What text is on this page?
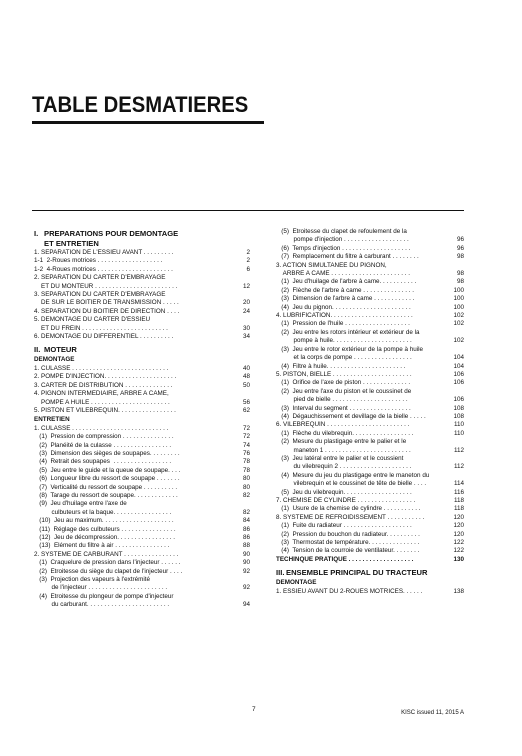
TABLE DESMATIERES
I. PREPARATIONS POUR DEMONTAGE
ET ENTRETIEN
1. SEPARATION DE L'ESSIEU AVANT . . . . . . . . .	2
1-1  2-Roues motrices . . . . . . . . . . . . . . . . . . .	2
1-2  4-Roues motrices . . . . . . . . . . . . . . . . . . . . . .	6
2. SEPARATION DU CARTER D'EMBRAYAGE
ET DU MONTEUR . . . . . . . . . . . . . . . . . . . . . . . .	12
3. SEPARATION DU CARTER D'EMBRAYAGE
DE SUR LE BOITIER DE TRANSMISSION . . . . .	20
4. SEPARATION DU BOITIER DE DIRECTION . . . .	24
5. DEMONTAGE DU CARTER D'ESSIEU
ET DU FREIN . . . . . . . . . . . . . . . . . . . . . . . . .	30
6. DEMONTAGE DU DIFFERENTIEL . . . . . . . . . .	34
II. MOTEUR
DEMONTAGE
1. CULASSE . . . . . . . . . . . . . . . . . . . . . . . . . . . .	40
2. POMPE D'INJECTION. . . . . . . . . . . . . . . . . . . . .	48
3. CARTER DE DISTRIBUTION . . . . . . . . . . . . . .	50
4. PIGNON INTERMEDIAIRE, ARBRE A CAME,
POMPE A HUILE . . . . . . . . . . . . . . . . . . . . . . .	56
5. PISTON ET VILEBREQUIN. . . . . . . . . . . . . . . . .	62
ENTRETIEN
1. CULASSE . . . . . . . . . . . . . . . . . . . . . . . . . . . .	72
(1)  Pression de compression . . . . . . . . . . . . . . .	72
(2)  Planéité de la culasse . . . . . . . . . . . . . . . . .	74
(3)  Dimension des sièges de soupapes. . . . . . . . .	76
(4)  Retrait des soupapes  . . . . . . . . . . . . . . . . .	78
(5)  Jeu entre le guide et la queue de soupape. . . .	78
(6)  Longueur libre du ressort de soupape . . . . . . .	80
(7)  Verticalité du ressort de soupape . . . . . . . . . .	80
(8)  Tarage du ressort de soupape. . . . . . . . . . . . .	82
(9)  Jeu d'huilage entre l'axe de
culbuteurs et la baque. . . . . . . . . . . . . . . . .	82
(10)  Jeu au maximum. . . . . . . . . . . . . . . . . . . . .	84
(11)  Réglage des culbuteurs . . . . . . . . . . . . . . . .	86
(12)  Jeu de décompression. . . . . . . . . . . . . . . . .	86
(13)  Elément du filtre à air . . . . . . . . . . . . . . . .	88
2. SYSTEME DE CARBURANT . . . . . . . . . . . . . . . .	90
(1)  Craquelure de pression dans l'injecteur . . . . . .	90
(2)  Etroitesse du siège du clapet de l'injecteur . . . .	92
(3)  Projection des vapeurs à l'extrémité
de l'injecteur . . . . . . . . . . . . . . . . . . . . . . .	92
(4)  Etroitesse du plongeur de pompe d'injecteur
du carburant. . . . . . . . . . . . . . . . . . . . . . . .	94
(5)  Etroitesse du clapet de refoulement de la
pompe d'injection . . . . . . . . . . . . . . . . . . .	96
(6)  Temps d'injection . . . . . . . . . . . . . . . . . . . .	96
(7)  Remplacement du filtre à carburant . . . . . . . .	98
3. ACTION SIMULTANEE DU PIGNON,
ARBRE A CAME . . . . . . . . . . . . . . . . . . . . . . .	98
(1)  Jeu d'huilage de l'arbre à came. . . . . . . . . . .	98
(2)  Flèche de l'arbre à came . . . . . . . . . . . . . . .	100
(3)  Dimension de l'arbre à came . . . . . . . . . . . .	100
(4)  Jeu du pignon. . . . . . . . . . . . . . . . . . . . . . .	100
4. LUBRIFICATION. . . . . . . . . . . . . . . . . . . . . . . .	102
(1)  Pression de l'huile . . . . . . . . . . . . . . . . . . .	102
(2)  Jeu entre les rotors intérieur et extérieur de la
pompe à huile. . . . . . . . . . . . . . . . . . . . . . .	102
(3)  Jeu entre le rotor extérieur de la pompe à huile
et la corps de pompe . . . . . . . . . . . . . . . . .	104
(4)  Filtre à huile. . . . . . . . . . . . . . . . . . . . . . .	104
5. PISTON, BIELLE . . . . . . . . . . . . . . . . . . . . . . .	106
(1)  Orifice de l'axe de piston . . . . . . . . . . . . . .	106
(2)  Jeu entre l'axe du piston et le coussinet de
pied de bielle . . . . . . . . . . . . . . . . . . . . . .	106
(3)  Interval du segment . . . . . . . . . . . . . . . . . .	108
(4)  Dégauchissement et devillage de la bielle . . . . .	108
6. VILEBREQUIN . . . . . . . . . . . . . . . . . . . . . . . .	110
(1)  Flèche du vilebrequin. . . . . . . . . . . . . . . . . .	110
(2)  Mesure du plastigage entre le palier et le
maneton 1 . . . . . . . . . . . . . . . . . . . . . . . . .	112
(3)  Jeu latéral entre le palier et le coussient
du vilebrequin 2 . . . . . . . . . . . . . . . . . . . . .	112
(4)  Mesure du jeu du plastigage entre le maneton du
vilebrequin et le coussinet de tête de bielle . . . .	114
(5)  Jeu du vilebrequin. . . . . . . . . . . . . . . . . . . .	116
7. CHEMISE DE CYLINDRE . . . . . . . . . . . . . . . . .	118
(1)  Usure de la chemise de cylindre . . . . . . . . . . .	118
8. SYSTEME DE REFROIDISSEMENT . . . . . . . . . . .	120
(1)  Fuite du radiateur . . . . . . . . . . . . . . . . . . . .	120
(2)  Pression du bouchon du radiateur. . . . . . . . . .	120
(3)  Thermostat de température. . . . . . . . . . . . . . .	122
(4)  Tension de la courroie de ventilateur. . . . . . . .	122
TECHINQUE PRATIQUE . . . . . . . . . . . . . . . . . . .	130
III. ENSEMBLE PRINCIPAL DU TRACTEUR
DEMONTAGE
1. ESSIEU AVANT DU 2-ROUES MOTRICES. . . . . .	138
7	KISC issued 11, 2015 A
